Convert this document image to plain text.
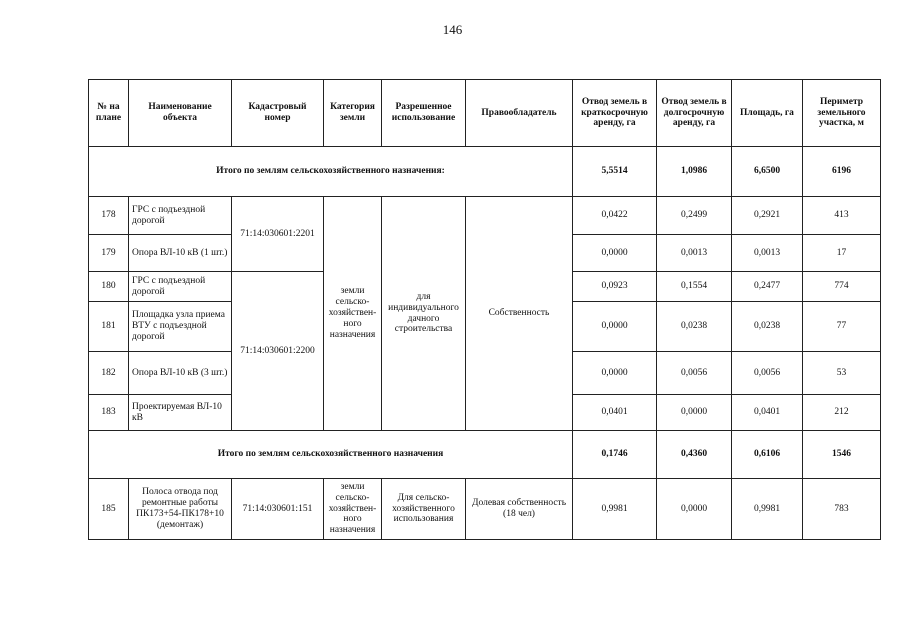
146
№ на плане	Наименование объекта	Кадастровый номер	Категория земли	Разрешенное использование	Правообладатель	Отвод земель в краткосрочную аренду, га	Отвод земель в долгосрочную аренду, га	Площадь, га	Периметр земельного участка, м
Итого по землям сельскохозяйственного назначения:						5,5514	1,0986	6,6500	6196
178	ГРС с подъездной дорогой	71:14:030601:2201	земли сельско-хозяйствен-ного назначения	для индивидуального дачного строительства	Собственность	0,0422	0,2499	0,2921	413
179	Опора ВЛ-10 кВ (1 шт.)					0,0000	0,0013	0,0013	17
180	ГРС с подъездной дорогой	71:14:030601:2200				0,0923	0,1554	0,2477	774
181	Площадка узла приема ВТУ с подъездной дорогой					0,0000	0,0238	0,0238	77
182	Опора ВЛ-10 кВ (3 шт.)					0,0000	0,0056	0,0056	53
183	Проектируемая ВЛ-10 кВ					0,0401	0,0000	0,0401	212
Итого по землям сельскохозяйственного назначения						0,1746	0,4360	0,6106	1546
185	Полоса отвода под ремонтные работы ПК173+54-ПК178+10 (демонтаж)	71:14:030601:151	земли сельско-хозяйствен-ного назначения	Для сельско-хозяйственного использования	Долевая собственность (18 чел)	0,9981	0,0000	0,9981	783
